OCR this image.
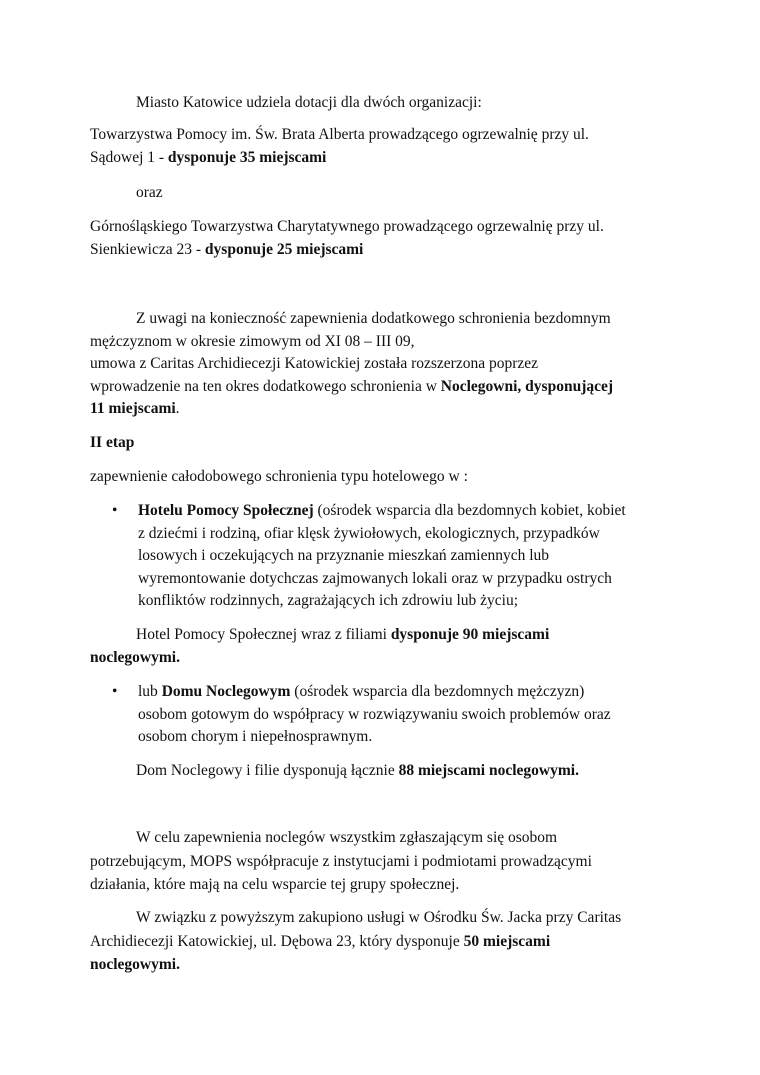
Miasto Katowice udziela dotacji dla dwóch organizacji:
Towarzystwa Pomocy im. Św. Brata Alberta prowadzącego ogrzewalnię przy ul.
Sądowej 1 - dysponuje 35 miejscami
oraz
Górnośląskiego Towarzystwa Charytatywnego prowadzącego ogrzewalnię przy ul.
Sienkiewicza 23 - dysponuje 25 miejscami
Z uwagi na konieczność zapewnienia dodatkowego schronienia bezdomnym
mężczyznom w okresie zimowym od XI 08 – III 09,
umowa z Caritas Archidiecezji Katowickiej została rozszerzona poprzez
wprowadzenie na ten okres dodatkowego schronienia w Noclegowni, dysponującej
11 miejscami.
II etap
zapewnienie całodobowego schronienia typu hotelowego w :
• Hotelu Pomocy Społecznej (ośrodek wsparcia dla bezdomnych kobiet, kobiet
z dziećmi i rodziną, ofiar klęsk żywiołowych, ekologicznych, przypadków
losowych i oczekujących na przyznanie mieszkań zamiennych lub
wyremontowanie dotychczas zajmowanych lokali oraz w przypadku ostrych
konfliktów rodzinnych, zagrażających ich zdrowiu lub życiu;
Hotel Pomocy Społecznej wraz z filiami dysponuje 90 miejscami
noclegowymi.
• lub Domu Noclegowym (ośrodek wsparcia dla bezdomnych mężczyzn)
osobom gotowym do współpracy w rozwiązywaniu swoich problemów oraz
osobom chorym i niepełnosprawnym.
Dom Noclegowy i filie dysponują łącznie 88 miejscami noclegowymi.
W celu zapewnienia noclegów wszystkim zgłaszającym się osobom
potrzebującym, MOPS współpracuje z instytucjami i podmiotami prowadzącymi
działania, które mają na celu wsparcie tej grupy społecznej.
W związku z powyższym zakupiono usługi w Ośrodku Św. Jacka przy Caritas
Archidiecezji Katowickiej, ul. Dębowa 23, który dysponuje 50 miejscami
noclegowymi.
